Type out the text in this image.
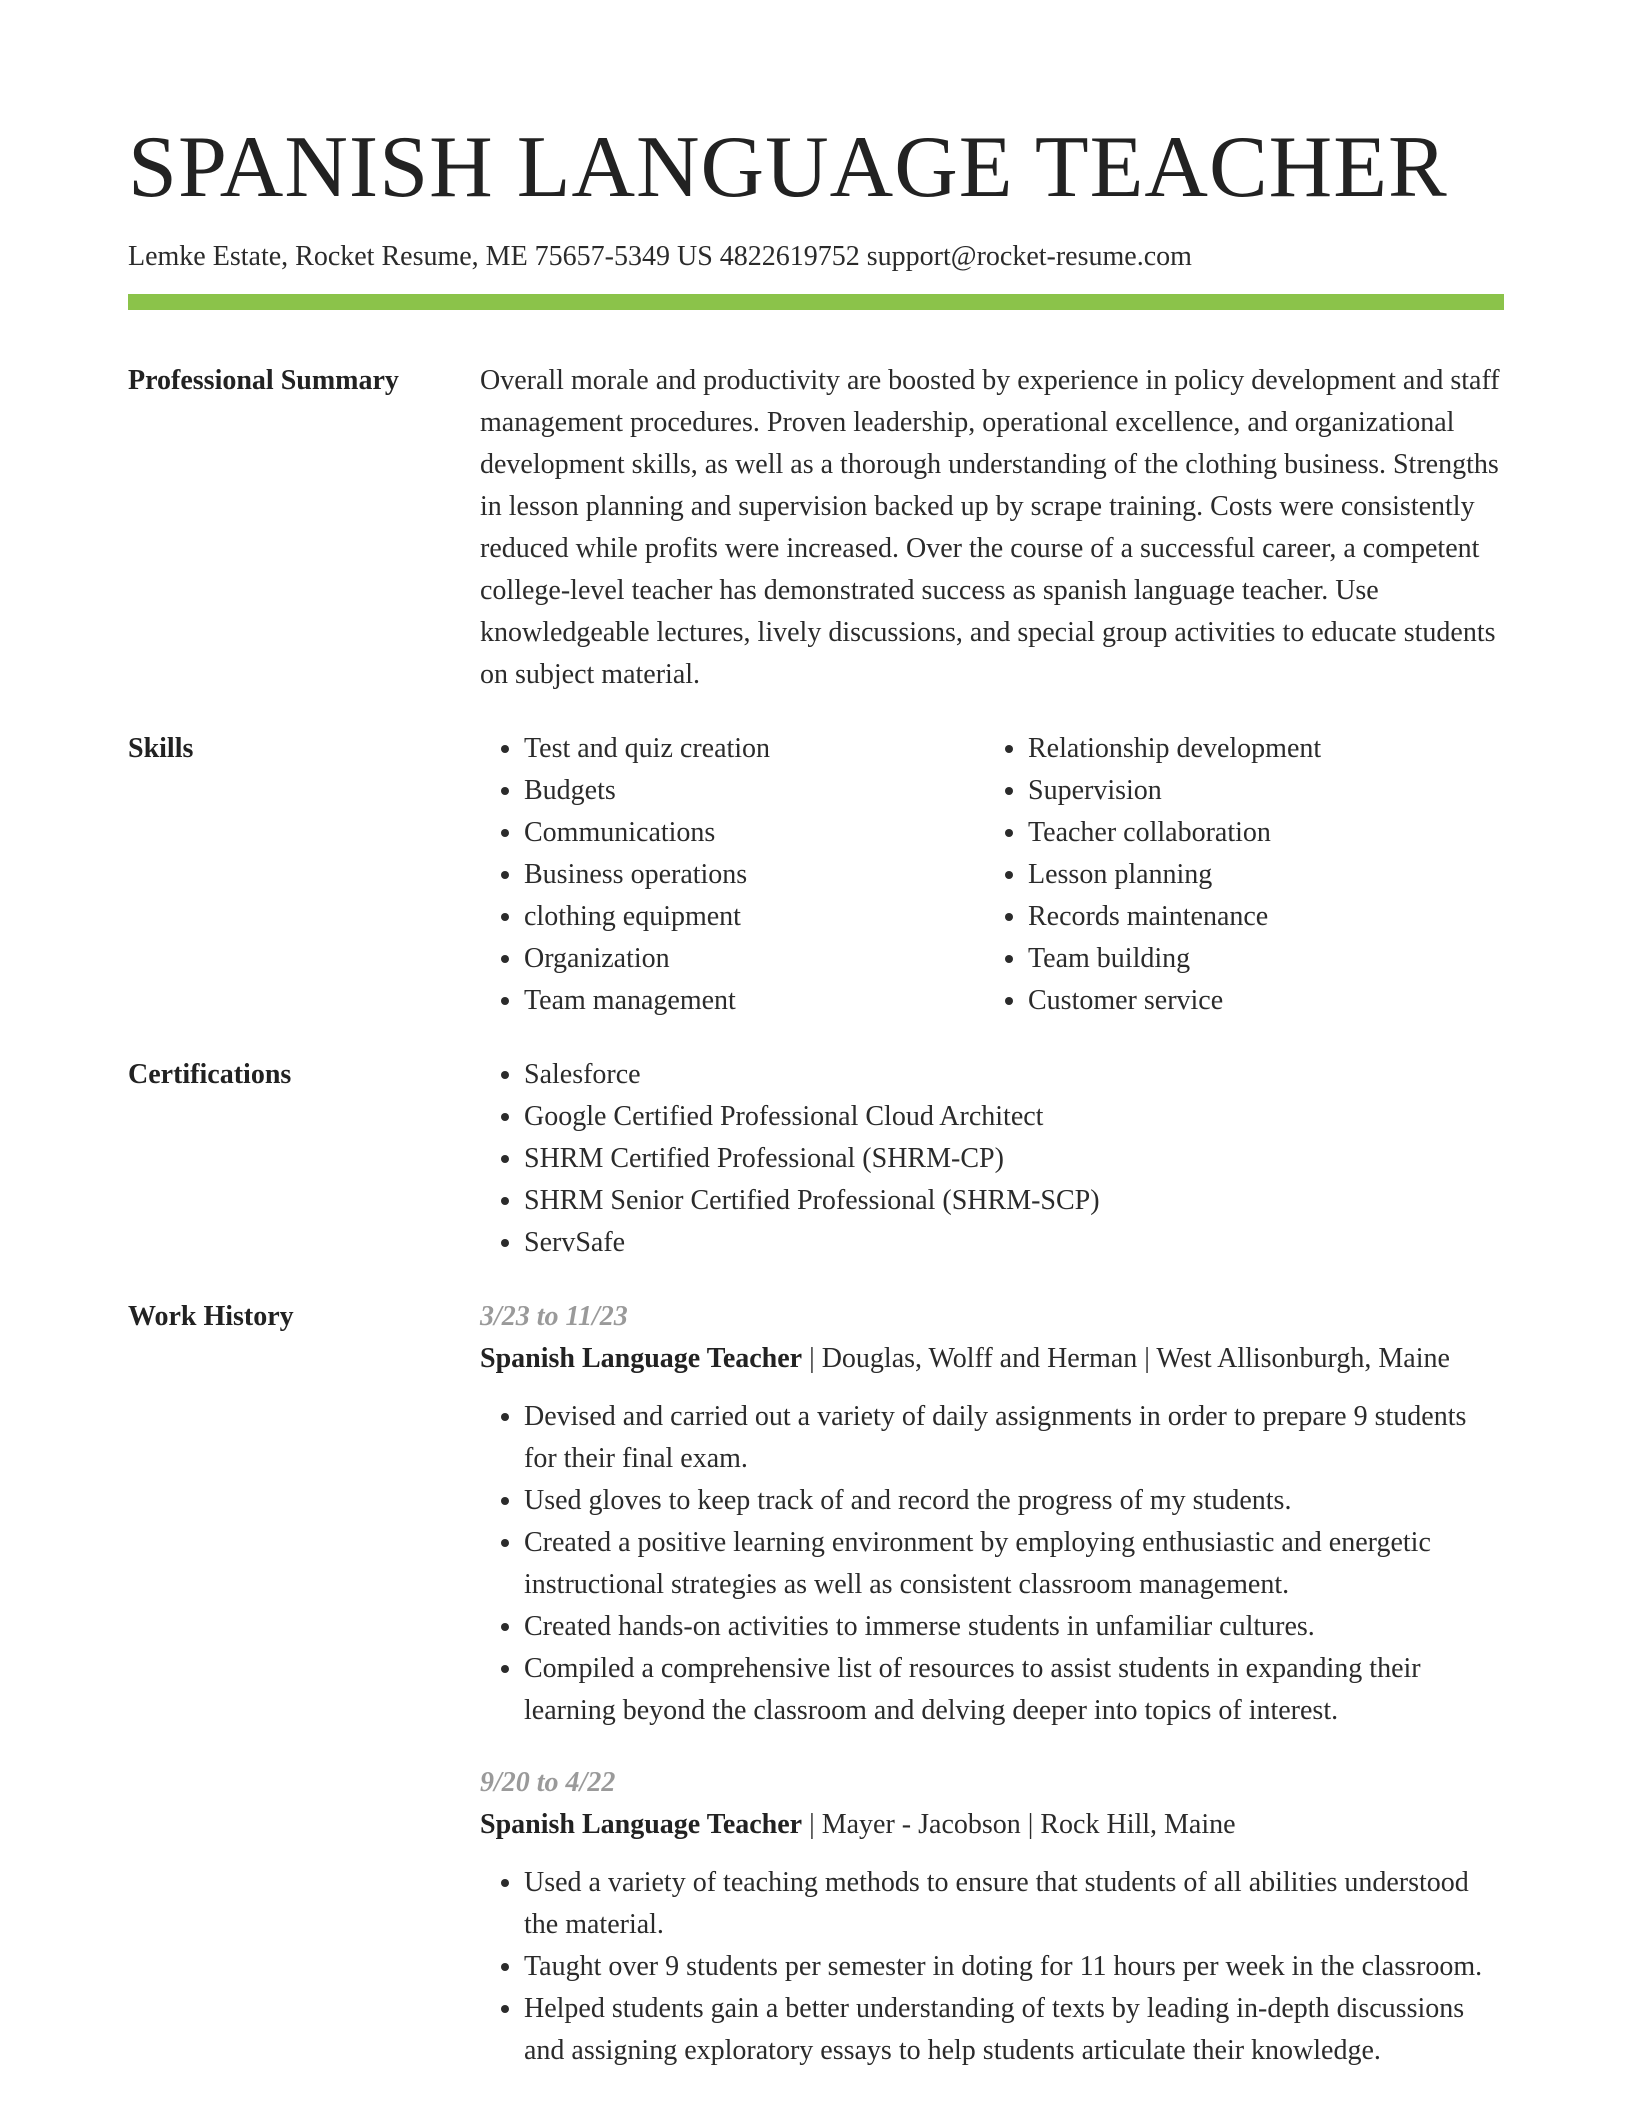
SPANISH LANGUAGE TEACHER
Lemke Estate, Rocket Resume, ME 75657-5349 US 4822619752 support@rocket-resume.com
Professional Summary	Overall morale and productivity are boosted by experience in policy development and staff management procedures. Proven leadership, operational excellence, and organizational development skills, as well as a thorough understanding of the clothing business. Strengths in lesson planning and supervision backed up by scrape training. Costs were consistently reduced while profits were increased. Over the course of a successful career, a competent college-level teacher has demonstrated success as spanish language teacher. Use knowledgeable lectures, lively discussions, and special group activities to educate students on subject material.
Skills	• Test and quiz creation
• Budgets
• Communications
• Business operations
• clothing equipment
• Organization
• Team management
• Relationship development
• Supervision
• Teacher collaboration
• Lesson planning
• Records maintenance
• Team building
• Customer service
Certifications	• Salesforce
• Google Certified Professional Cloud Architect
• SHRM Certified Professional (SHRM-CP)
• SHRM Senior Certified Professional (SHRM-SCP)
• ServSafe
Work History	3/23 to 11/23
Spanish Language Teacher | Douglas, Wolff and Herman | West Allisonburgh, Maine
• Devised and carried out a variety of daily assignments in order to prepare 9 students for their final exam.
• Used gloves to keep track of and record the progress of my students.
• Created a positive learning environment by employing enthusiastic and energetic instructional strategies as well as consistent classroom management.
• Created hands-on activities to immerse students in unfamiliar cultures.
• Compiled a comprehensive list of resources to assist students in expanding their learning beyond the classroom and delving deeper into topics of interest.
9/20 to 4/22
Spanish Language Teacher | Mayer - Jacobson | Rock Hill, Maine
• Used a variety of teaching methods to ensure that students of all abilities understood the material.
• Taught over 9 students per semester in doting for 11 hours per week in the classroom.
• Helped students gain a better understanding of texts by leading in-depth discussions and assigning exploratory essays to help students articulate their knowledge.
